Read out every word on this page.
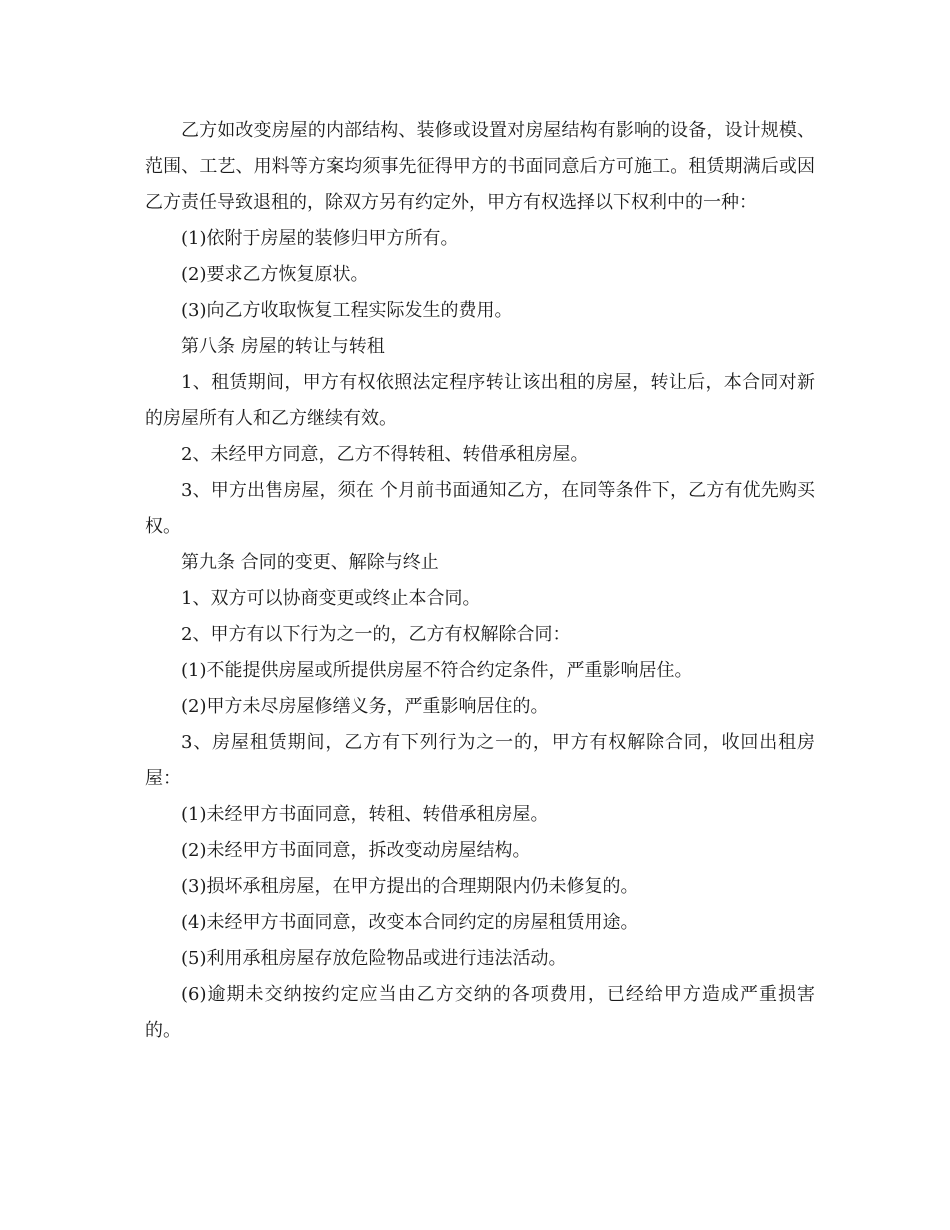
乙方如改变房屋的内部结构、装修或设置对房屋结构有影响的设备，设计规模、范围、工艺、用料等方案均须事先征得甲方的书面同意后方可施工。租赁期满后或因乙方责任导致退租的，除双方另有约定外，甲方有权选择以下权利中的一种：

(1)依附于房屋的装修归甲方所有。

(2)要求乙方恢复原状。

(3)向乙方收取恢复工程实际发生的费用。

第八条 房屋的转让与转租

1、租赁期间，甲方有权依照法定程序转让该出租的房屋，转让后，本合同对新的房屋所有人和乙方继续有效。

2、未经甲方同意，乙方不得转租、转借承租房屋。

3、甲方出售房屋，须在 个月前书面通知乙方，在同等条件下，乙方有优先购买权。

第九条 合同的变更、解除与终止

1、双方可以协商变更或终止本合同。

2、甲方有以下行为之一的，乙方有权解除合同：

(1)不能提供房屋或所提供房屋不符合约定条件，严重影响居住。

(2)甲方未尽房屋修缮义务，严重影响居住的。

3、房屋租赁期间，乙方有下列行为之一的，甲方有权解除合同，收回出租房屋：

(1)未经甲方书面同意，转租、转借承租房屋。

(2)未经甲方书面同意，拆改变动房屋结构。

(3)损坏承租房屋，在甲方提出的合理期限内仍未修复的。

(4)未经甲方书面同意，改变本合同约定的房屋租赁用途。

(5)利用承租房屋存放危险物品或进行违法活动。

(6)逾期未交纳按约定应当由乙方交纳的各项费用，已经给甲方造成严重损害的。
